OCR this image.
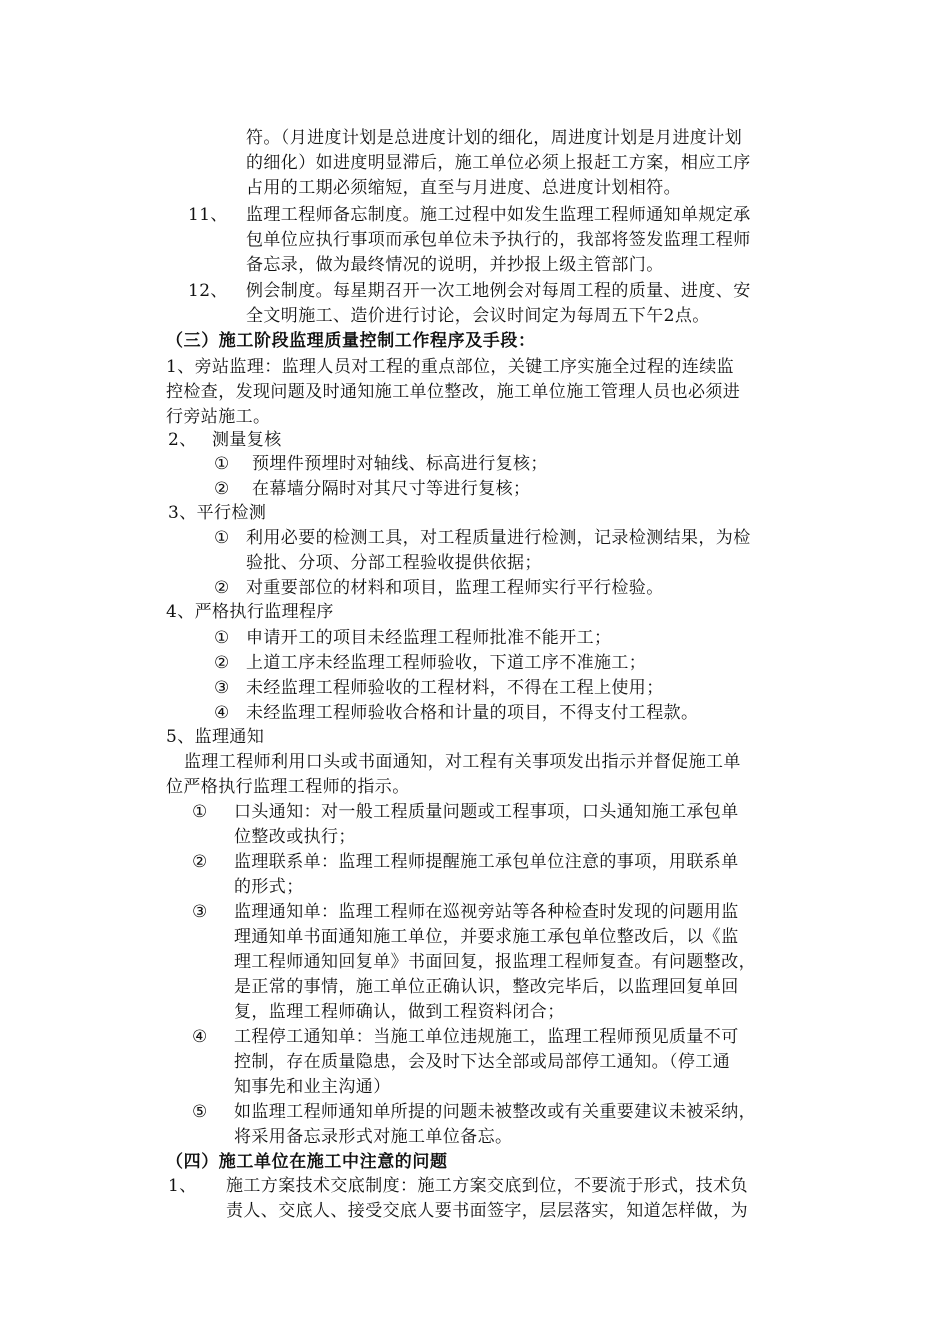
符。（月进度计划是总进度计划的细化，周进度计划是月进度计划
的细化）如进度明显滞后，施工单位必须上报赶工方案，相应工序
占用的工期必须缩短，直至与月进度、总进度计划相符。
11、 监理工程师备忘制度。施工过程中如发生监理工程师通知单规定承
包单位应执行事项而承包单位未予执行的，我部将签发监理工程师
备忘录，做为最终情况的说明，并抄报上级主管部门。
12、 例会制度。每星期召开一次工地例会对每周工程的质量、进度、安
全文明施工、造价进行讨论，会议时间定为每周五下午2点。
（三）施工阶段监理质量控制工作程序及手段：
1、旁站监理：监理人员对工程的重点部位，关键工序实施全过程的连续监
控检查，发现问题及时通知施工单位整改，施工单位施工管理人员也必须进
行旁站施工。
2、 测量复核
① 预埋件预埋时对轴线、标高进行复核；
② 在幕墙分隔时对其尺寸等进行复核；
3、平行检测
① 利用必要的检测工具，对工程质量进行检测，记录检测结果，为检
验批、分项、分部工程验收提供依据；
② 对重要部位的材料和项目，监理工程师实行平行检验。
4、严格执行监理程序
① 申请开工的项目未经监理工程师批准不能开工；
② 上道工序未经监理工程师验收，下道工序不准施工；
③ 未经监理工程师验收的工程材料，不得在工程上使用；
④ 未经监理工程师验收合格和计量的项目，不得支付工程款。
5、监理通知
监理工程师利用口头或书面通知，对工程有关事项发出指示并督促施工单
位严格执行监理工程师的指示。
① 口头通知：对一般工程质量问题或工程事项，口头通知施工承包单
位整改或执行；
② 监理联系单：监理工程师提醒施工承包单位注意的事项，用联系单
的形式；
③ 监理通知单：监理工程师在巡视旁站等各种检查时发现的问题用监
理通知单书面通知施工单位，并要求施工承包单位整改后，以《监
理工程师通知回复单》书面回复，报监理工程师复查。有问题整改，
是正常的事情，施工单位正确认识，整改完毕后，以监理回复单回
复，监理工程师确认，做到工程资料闭合；
④ 工程停工通知单：当施工单位违规施工，监理工程师预见质量不可
控制，存在质量隐患，会及时下达全部或局部停工通知。（停工通
知事先和业主沟通）
⑤ 如监理工程师通知单所提的问题未被整改或有关重要建议未被采纳，
将采用备忘录形式对施工单位备忘。
（四）施工单位在施工中注意的问题
1、 施工方案技术交底制度：施工方案交底到位，不要流于形式，技术负
责人、交底人、接受交底人要书面签字，层层落实，知道怎样做，为
